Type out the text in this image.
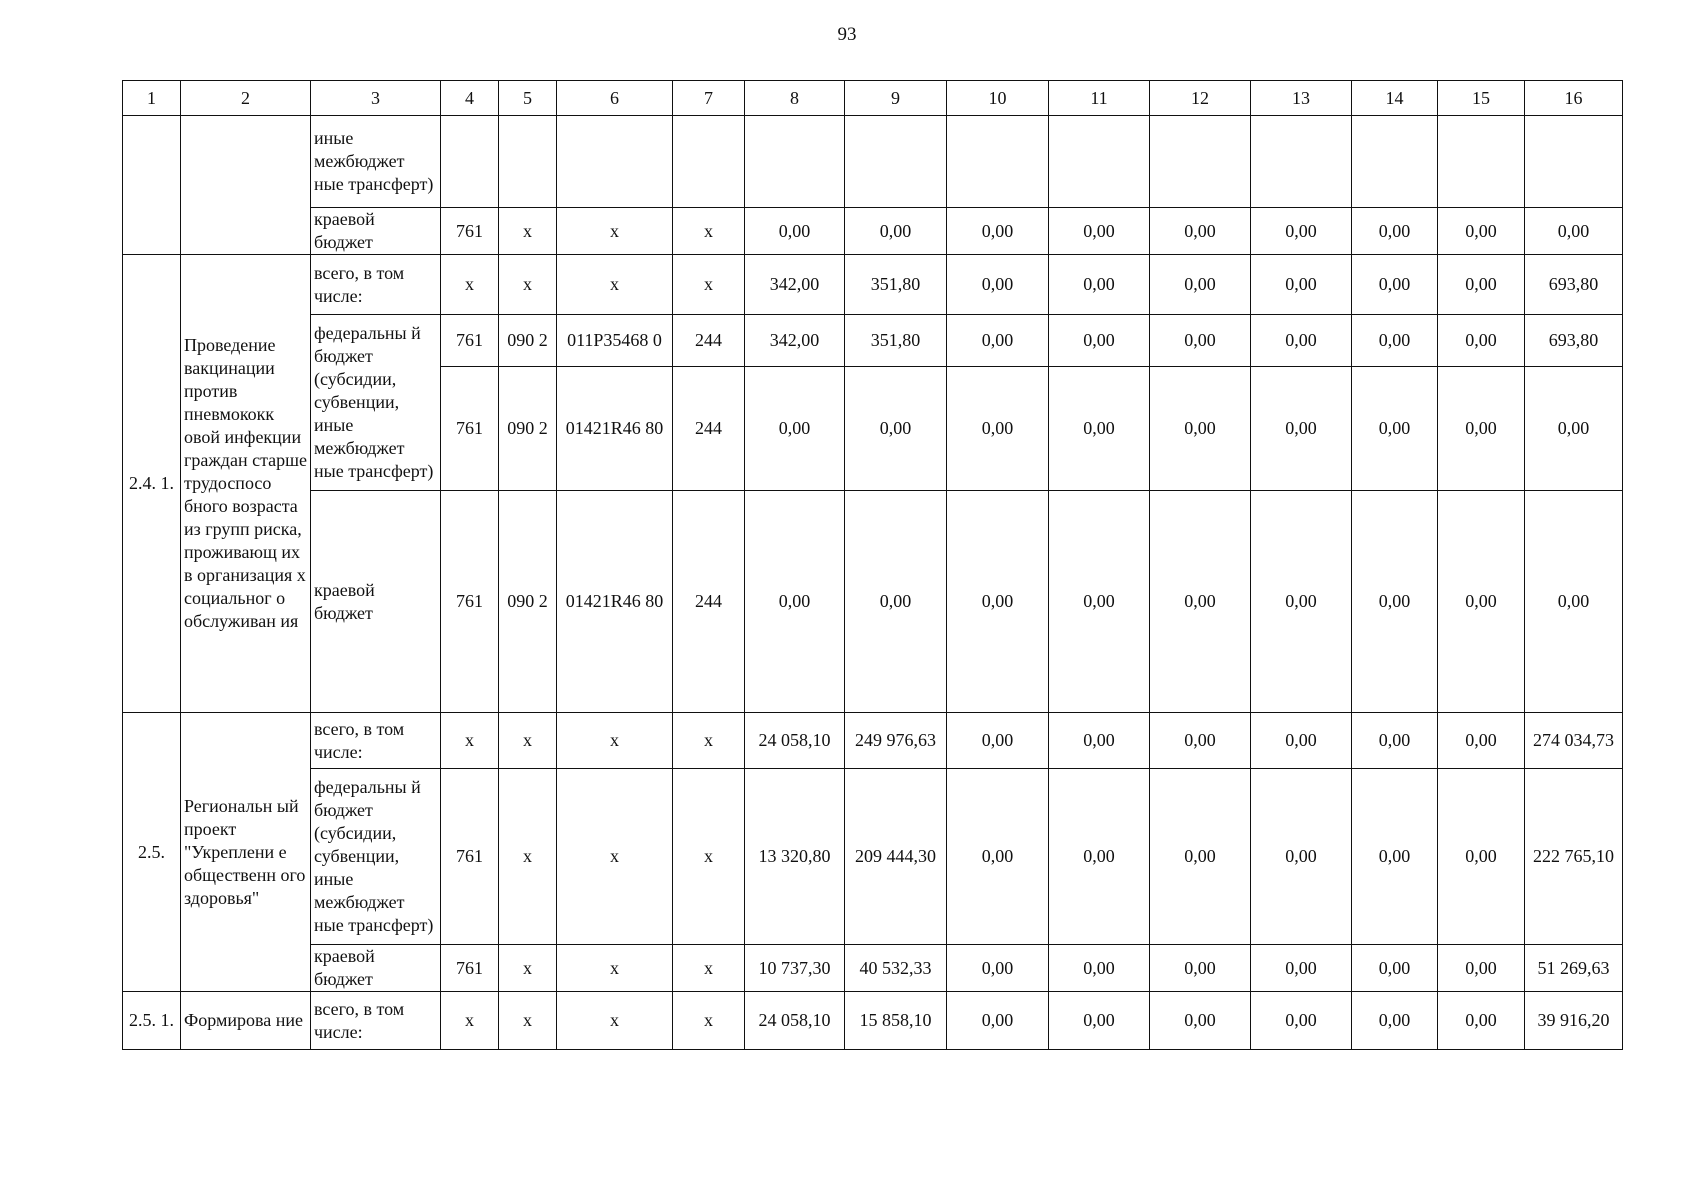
93
1	2	3	4	5	6	7	8	9	10	11	12	13	14	15	16
		иные межбюджет ные трансферт)													
		краевой бюджет	761	х	х	х	0,00	0,00	0,00	0,00	0,00	0,00	0,00	0,00	0,00
2.4. 1.	Проведение вакцинации против пневмококк овой инфекции граждан старше трудоспосо бного возраста из групп риска, проживающ их в организация х социальног о обслуживан ия	всего, в том числе:	х	х	х	х	342,00	351,80	0,00	0,00	0,00	0,00	0,00	0,00	693,80
		федеральны й бюджет (субсидии, субвенции, иные межбюджет ные трансферт)	761	090 2	011Р35468 0	244	342,00	351,80	0,00	0,00	0,00	0,00	0,00	0,00	693,80
			761	090 2	01421R46 80	244	0,00	0,00	0,00	0,00	0,00	0,00	0,00	0,00	0,00
		краевой бюджет	761	090 2	01421R46 80	244	0,00	0,00	0,00	0,00	0,00	0,00	0,00	0,00	0,00
2.5.	Региональн ый проект "Укреплени е общественн ого здоровья"	всего, в том числе:	х	х	х	х	24 058,10	249 976,63	0,00	0,00	0,00	0,00	0,00	0,00	274 034,73
		федеральны й бюджет (субсидии, субвенции, иные межбюджет ные трансферт)	761	х	х	х	13 320,80	209 444,30	0,00	0,00	0,00	0,00	0,00	0,00	222 765,10
		краевой бюджет	761	х	х	х	10 737,30	40 532,33	0,00	0,00	0,00	0,00	0,00	0,00	51 269,63
2.5. 1.	Формирова ние	всего, в том числе:	х	х	х	х	24 058,10	15 858,10	0,00	0,00	0,00	0,00	0,00	0,00	39 916,20
